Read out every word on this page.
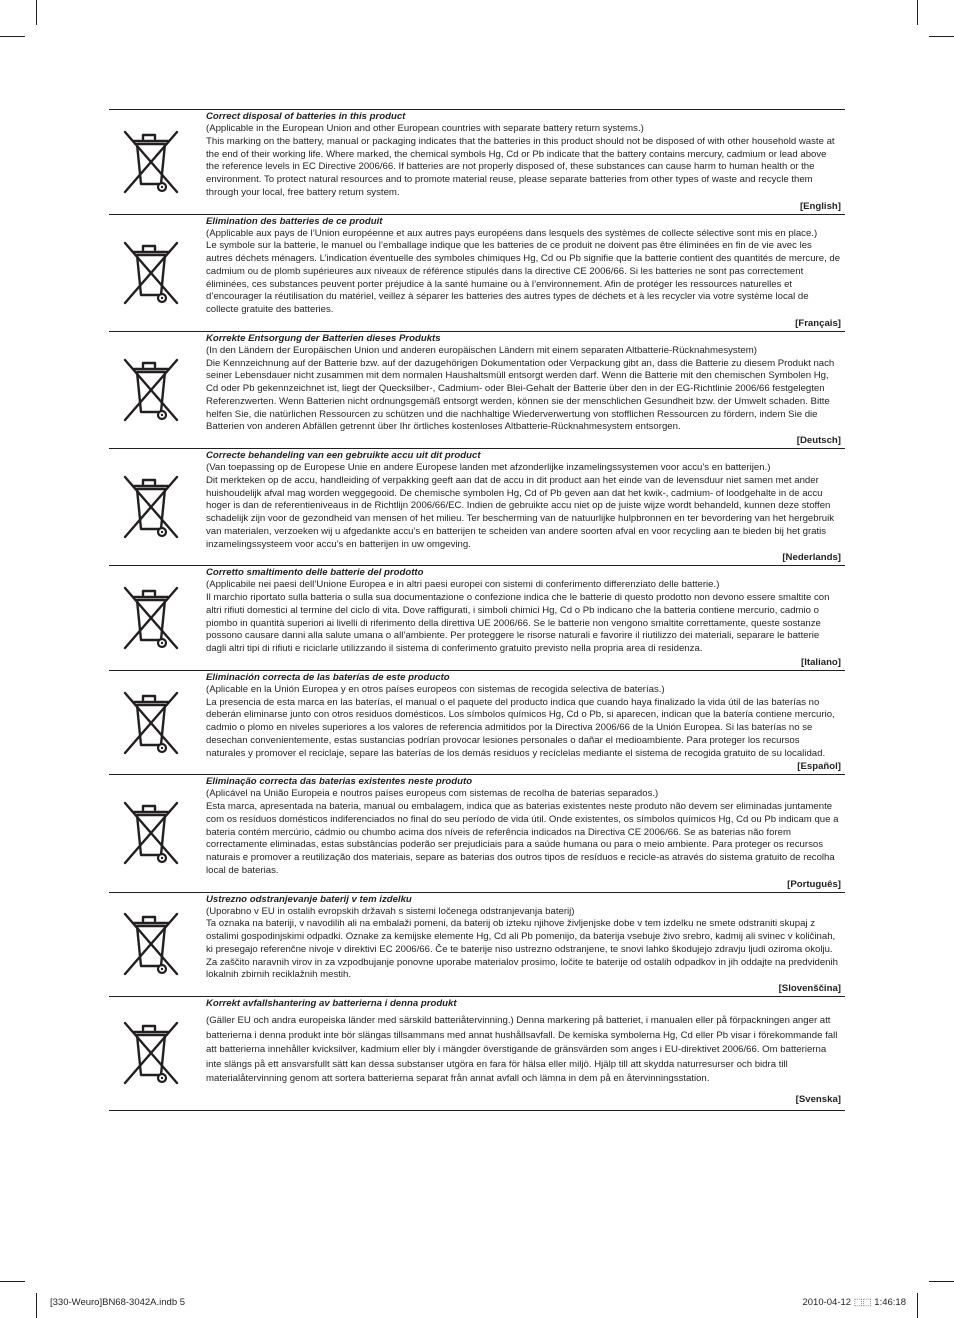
Correct disposal of batteries in this product
(Applicable in the European Union and other European countries with separate battery return systems.)
This marking on the battery, manual or packaging indicates that the batteries in this product should not be disposed of with other household waste at the end of their working life. Where marked, the chemical symbols Hg, Cd or Pb indicate that the battery contains mercury, cadmium or lead above the reference levels in EC Directive 2006/66. If batteries are not properly disposed of, these substances can cause harm to human health or the environment. To protect natural resources and to promote material reuse, please separate batteries from other types of waste and recycle them through your local, free battery return system.
[English]
Elimination des batteries de ce produit
(Applicable aux pays de l’Union européenne et aux autres pays européens dans lesquels des systèmes de collecte sélective sont mis en place.)
Le symbole sur la batterie, le manuel ou l’emballage indique que les batteries de ce produit ne doivent pas être éliminées en fin de vie avec les autres déchets ménagers. L’indication éventuelle des symboles chimiques Hg, Cd ou Pb signifie que la batterie contient des quantités de mercure, de cadmium ou de plomb supérieures aux niveaux de référence stipulés dans la directive CE 2006/66. Si les batteries ne sont pas correctement éliminées, ces substances peuvent porter préjudice à la santé humaine ou à l’environnement. Afin de protéger les ressources naturelles et d’encourager la réutilisation du matériel, veillez à séparer les batteries des autres types de déchets et à les recycler via votre système local de collecte gratuite des batteries.
[Français]
Korrekte Entsorgung der Batterien dieses Produkts
(In den Ländern der Europäischen Union und anderen europäischen Ländern mit einem separaten Altbatterie-Rücknahmesystem)
Die Kennzeichnung auf der Batterie bzw. auf der dazugehörigen Dokumentation oder Verpackung gibt an, dass die Batterie zu diesem Produkt nach seiner Lebensdauer nicht zusammen mit dem normalen Haushaltsmüll entsorgt werden darf. Wenn die Batterie mit den chemischen Symbolen Hg, Cd oder Pb gekennzeichnet ist, liegt der Quecksilber-, Cadmium- oder Blei-Gehalt der Batterie über den in der EG-Richtlinie 2006/66 festgelegten Referenzwerten. Wenn Batterien nicht ordnungsgemäß entsorgt werden, können sie der menschlichen Gesundheit bzw. der Umwelt schaden. Bitte helfen Sie, die natürlichen Ressourcen zu schützen und die nachhaltige Wiederverwertung von stofflichen Ressourcen zu fördern, indem Sie die Batterien von anderen Abfällen getrennt über Ihr örtliches kostenloses Altbatterie-Rücknahmesystem entsorgen.
[Deutsch]
Correcte behandeling van een gebruikte accu uit dit product
(Van toepassing op de Europese Unie en andere Europese landen met afzonderlijke inzamelingssystemen voor accu’s en batterijen.)
Dit merkteken op de accu, handleiding of verpakking geeft aan dat de accu in dit product aan het einde van de levensduur niet samen met ander huishoudelijk afval mag worden weggegooid. De chemische symbolen Hg, Cd of Pb geven aan dat het kwik-, cadmium- of loodgehalte in de accu hoger is dan de referentieniveaus in de Richtlijn 2006/66/EC. Indien de gebruikte accu niet op de juiste wijze wordt behandeld, kunnen deze stoffen schadelijk zijn voor de gezondheid van mensen of het milieu. Ter bescherming van de natuurlijke hulpbronnen en ter bevordering van het hergebruik van materialen, verzoeken wij u afgedankte accu’s en batterijen te scheiden van andere soorten afval en voor recycling aan te bieden bij het gratis inzamelingssysteem voor accu’s en batterijen in uw omgeving.
[Nederlands]
Corretto smaltimento delle batterie del prodotto
(Applicabile nei paesi dell’Unione Europea e in altri paesi europei con sistemi di conferimento differenziato delle batterie.)
Il marchio riportato sulla batteria o sulla sua documentazione o confezione indica che le batterie di questo prodotto non devono essere smaltite con altri rifiuti domestici al termine del ciclo di vita. Dove raffigurati, i simboli chimici Hg, Cd o Pb indicano che la batteria contiene mercurio, cadmio o piombo in quantità superiori ai livelli di riferimento della direttiva UE 2006/66. Se le batterie non vengono smaltite correttamente, queste sostanze possono causare danni alla salute umana o all’ambiente. Per proteggere le risorse naturali e favorire il riutilizzo dei materiali, separare le batterie dagli altri tipi di rifiuti e riciclarle utilizzando il sistema di conferimento gratuito previsto nella propria area di residenza.
[Italiano]
Eliminación correcta de las baterías de este producto
(Aplicable en la Unión Europea y en otros países europeos con sistemas de recogida selectiva de baterías.)
La presencia de esta marca en las baterías, el manual o el paquete del producto indica que cuando haya finalizado la vida útil de las baterías no deberán eliminarse junto con otros residuos domésticos. Los símbolos químicos Hg, Cd o Pb, si aparecen, indican que la batería contiene mercurio, cadmio o plomo en niveles superiores a los valores de referencia admitidos por la Directiva 2006/66 de la Unión Europea. Si las baterías no se desechan convenientemente, estas sustancias podrían provocar lesiones personales o dañar el medioambiente. Para proteger los recursos naturales y promover el reciclaje, separe las baterías de los demás residuos y recíclelas mediante el sistema de recogida gratuito de su localidad.
[Español]
Eliminação correcta das baterias existentes neste produto
(Aplicável na União Europeia e noutros países europeus com sistemas de recolha de baterias separados.)
Esta marca, apresentada na bateria, manual ou embalagem, indica que as baterias existentes neste produto não devem ser eliminadas juntamente com os resíduos domésticos indiferenciados no final do seu período de vida útil. Onde existentes, os símbolos químicos Hg, Cd ou Pb indicam que a bateria contém mercúrio, cádmio ou chumbo acima dos níveis de referência indicados na Directiva CE 2006/66. Se as baterias não forem correctamente eliminadas, estas substâncias poderão ser prejudiciais para a saúde humana ou para o meio ambiente. Para proteger os recursos naturais e promover a reutilização dos materiais, separe as baterias dos outros tipos de resíduos e recicle-as através do sistema gratuito de recolha local de baterias.
[Português]
Ustrezno odstranjevanje baterij v tem izdelku
(Uporabno v EU in ostalih evropskih državah s sistemi ločenega odstranjevanja baterij)
Ta oznaka na bateriji, v navodilih ali na embalaži pomeni, da baterij ob izteku njihove življenjske dobe v tem izdelku ne smete odstraniti skupaj z ostalimi gospodinjskimi odpadki. Oznake za kemijske elemente Hg, Cd ali Pb pomenijo, da baterija vsebuje živo srebro, kadmij ali svinec v količinah, ki presegajo referenčne nivoje v direktivi EC 2006/66. Če te baterije niso ustrezno odstranjene, te snovi lahko škodujejo zdravju ljudi oziroma okolju. Za zaščito naravnih virov in za vzpodbujanje ponovne uporabe materialov prosimo, ločite te baterije od ostalih odpadkov in jih oddajte na predvidenih lokalnih zbirnih reciklažnih mestih.
[Slovenščina]
Korrekt avfallshantering av batterierna i denna produkt
(Gäller EU och andra europeiska länder med särskild batteriåtervinning.) Denna markering på batteriet, i manualen eller på förpackningen anger att batterierna i denna produkt inte bör slängas tillsammans med annat hushållsavfall. De kemiska symbolerna Hg, Cd eller Pb visar i förekommande fall att batterierna innehåller kvicksilver, kadmium eller bly i mängder överstigande de gränsvärden som anges i EU-direktivet 2006/66. Om batterierna inte slängs på ett ansvarsfullt sätt kan dessa substanser utgöra en fara för hälsa eller miljö. Hjälp till att skydda naturresurser och bidra till materialåtervinning genom att sortera batterierna separat från annat avfall och lämna in dem på en återvinningsstation.
[Svenska]
[330-Weuro]BN68-3042A.indb 5	2010-04-12 ⬚⬚ 1:46:18
